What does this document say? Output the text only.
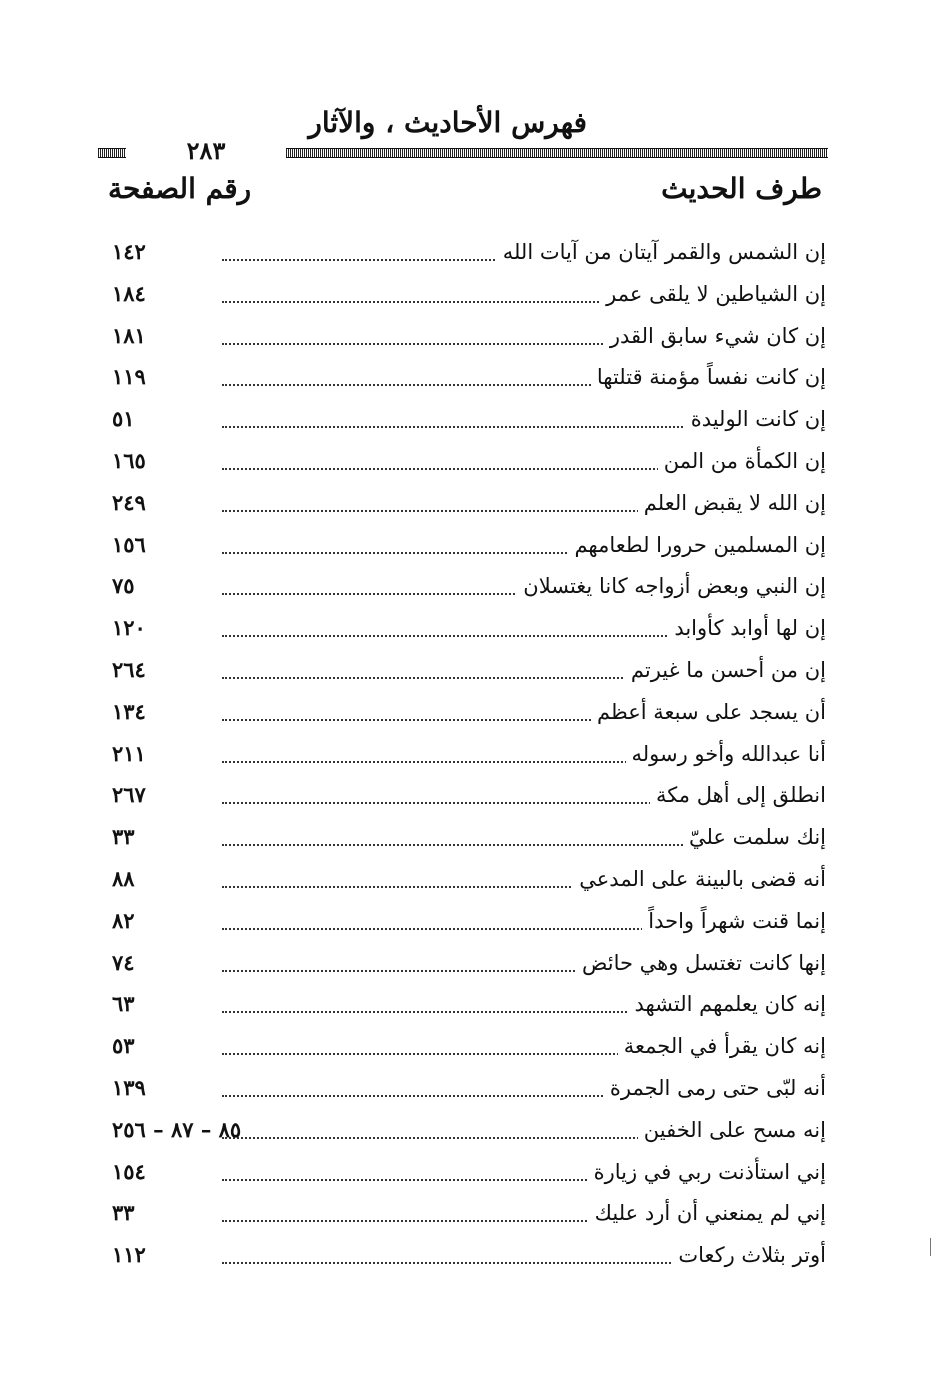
فهرس الأحاديث ، والآثار
٢٨٣
طرف الحديث
رقم الصفحة
إن الشمس والقمر آيتان من آيات الله
١٤٢
إن الشياطين لا يلقى عمر
١٨٤
إن كان شيء سابق القدر
١٨١
إن كانت نفساً مؤمنة قتلتها
١١٩
إن كانت الوليدة
٥١
إن الكمأة من المن
١٦٥
إن الله لا يقبض العلم
٢٤٩
إن المسلمين حرورا لطعامهم
١٥٦
إن النبي وبعض أزواجه كانا يغتسلان
٧٥
إن لها أوابد كأوابد
١٢٠
إن من أحسن ما غيرتم
٢٦٤
أن يسجد على سبعة أعظم
١٣٤
أنا عبدالله وأخو رسوله
٢١١
انطلق إلى أهل مكة
٢٦٧
إنك سلمت عليّ
٣٣
أنه قضى بالبينة على المدعي
٨٨
إنما قنت شهراً واحداً
٨٢
إنها كانت تغتسل وهي حائض
٧٤
إنه كان يعلمهم التشهد
٦٣
إنه كان يقرأ في الجمعة
٥٣
أنه لبّى حتى رمى الجمرة
١٣٩
إنه مسح على الخفين
٨٥ – ٨٧ – ٢٥٦
إني استأذنت ربي في زيارة
١٥٤
إني لم يمنعني أن أرد عليك
٣٣
أوتر بثلاث ركعات
١١٢
